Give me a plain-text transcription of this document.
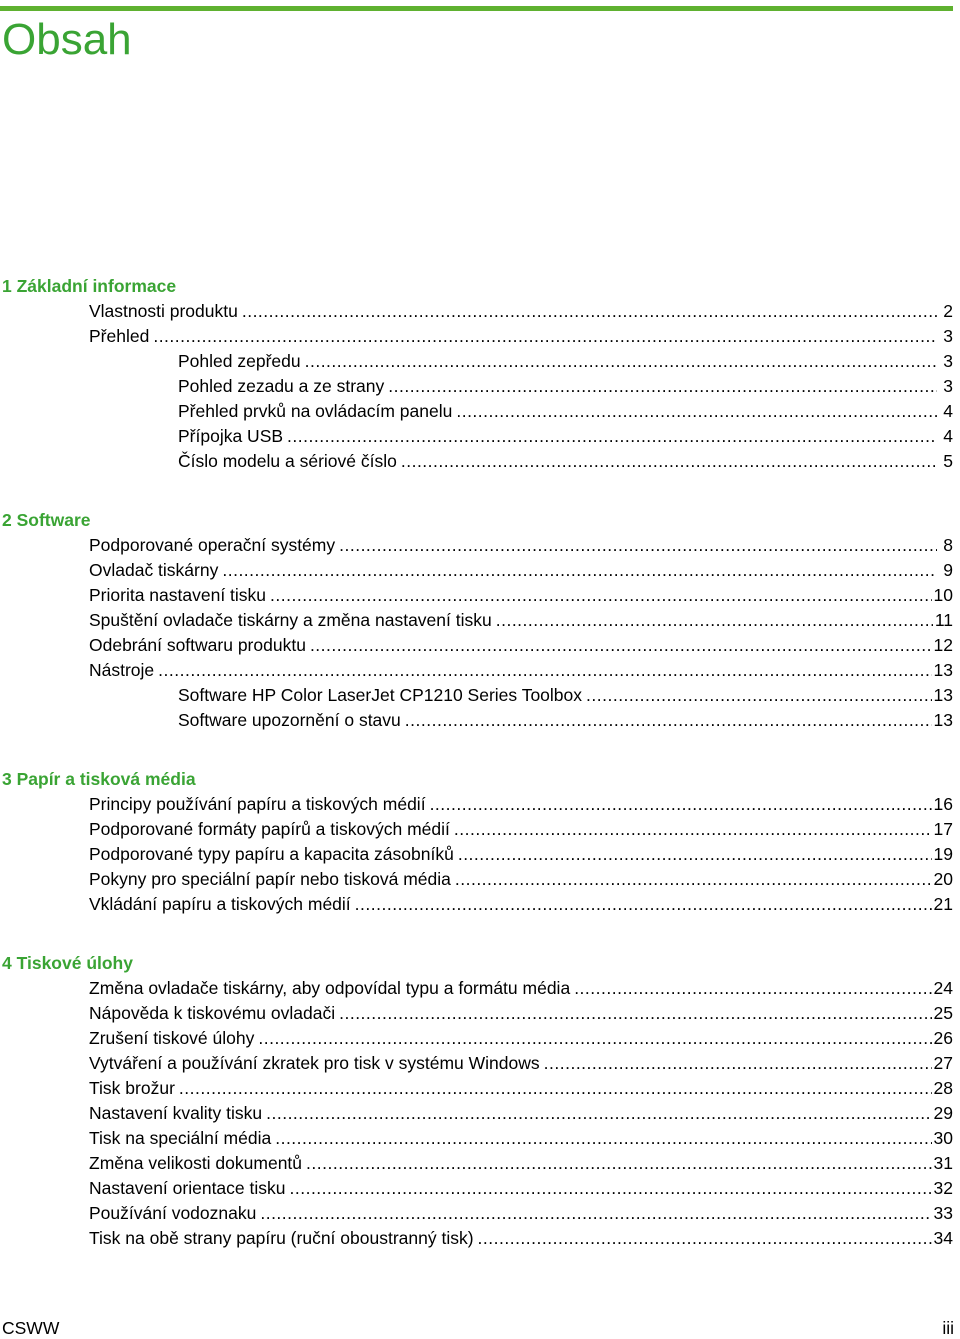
Obsah
1 Základní informace
Vlastnosti produktu .....	2
Přehled .....	3
Pohled zepředu .....	3
Pohled zezadu a ze strany .....	3
Přehled prvků na ovládacím panelu .....	4
Přípojka USB .....	4
Číslo modelu a sériové číslo .....	5
2 Software
Podporované operační systémy .....	8
Ovladač tiskárny .....	9
Priorita nastavení tisku .....	10
Spuštění ovladače tiskárny a změna nastavení tisku .....	11
Odebrání softwaru produktu .....	12
Nástroje .....	13
Software HP Color LaserJet CP1210 Series Toolbox .....	13
Software upozornění o stavu .....	13
3 Papír a tisková média
Principy používání papíru a tiskových médií .....	16
Podporované formáty papírů a tiskových médií .....	17
Podporované typy papíru a kapacita zásobníků .....	19
Pokyny pro speciální papír nebo tisková média .....	20
Vkládání papíru a tiskových médií .....	21
4 Tiskové úlohy
Změna ovladače tiskárny, aby odpovídal typu a formátu média .....	24
Nápověda k tiskovému ovladači .....	25
Zrušení tiskové úlohy .....	26
Vytváření a používání zkratek pro tisk v systému Windows .....	27
Tisk brožur .....	28
Nastavení kvality tisku .....	29
Tisk na speciální média .....	30
Změna velikosti dokumentů .....	31
Nastavení orientace tisku .....	32
Používání vodoznaku .....	33
Tisk na obě strany papíru (ruční oboustranný tisk) .....	34
CSWW	iii
